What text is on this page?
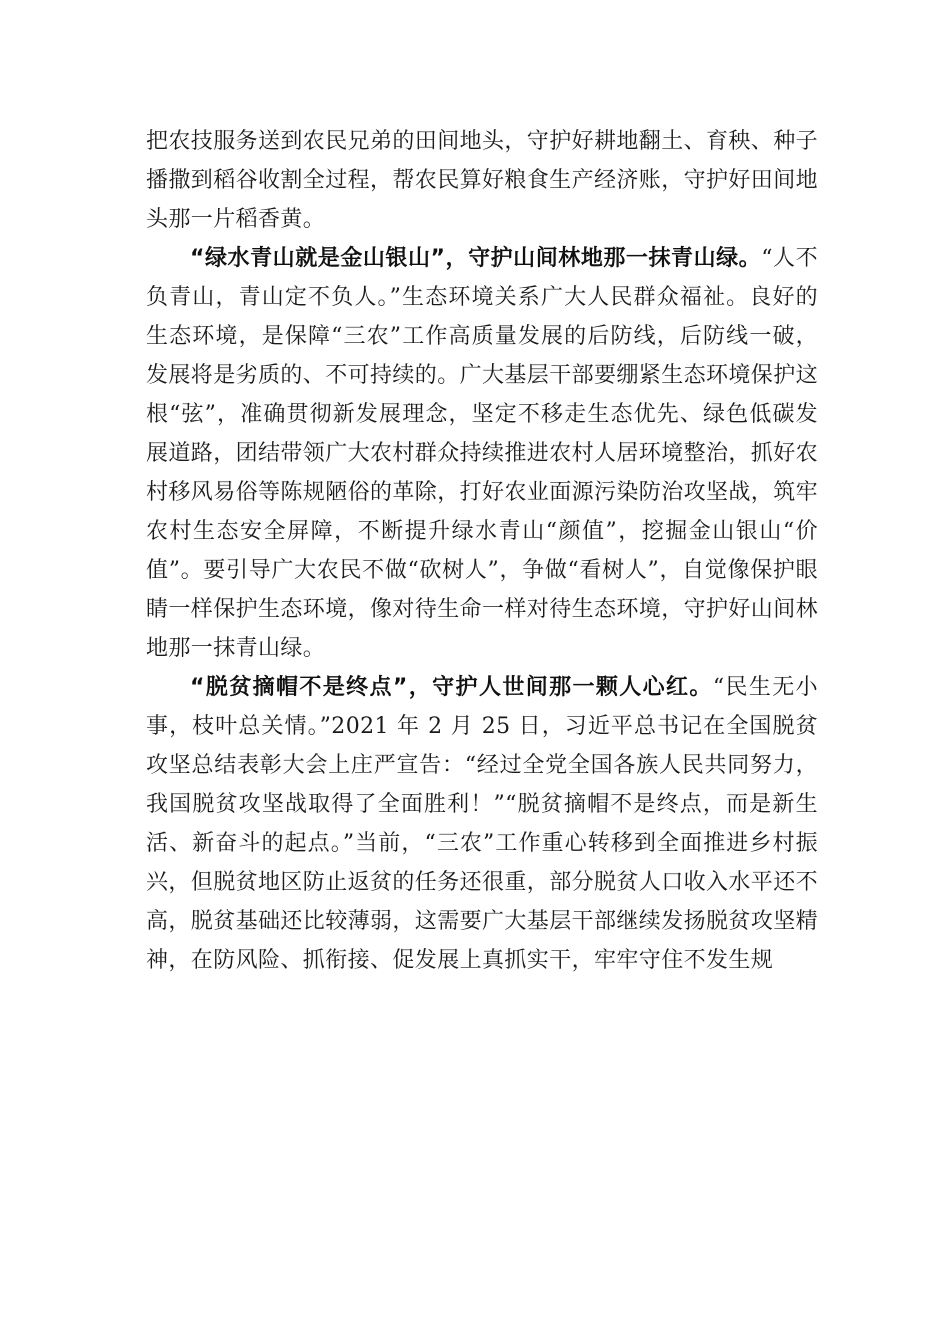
把农技服务送到农民兄弟的田间地头，守护好耕地翻土、育秧、种子播撒到稻谷收割全过程，帮农民算好粮食生产经济账，守护好田间地头那一片稻香黄。

“绿水青山就是金山银山”，守护山间林地那一抹青山绿。“人不负青山，青山定不负人。”生态环境关系广大人民群众福祉。良好的生态环境，是保障“三农”工作高质量发展的后防线，后防线一破，发展将是劣质的、不可持续的。广大基层干部要绷紧生态环境保护这根“弦”，准确贯彻新发展理念，坚定不移走生态优先、绿色低碳发展道路，团结带领广大农村群众持续推进农村人居环境整治，抓好农村移风易俗等陈规陋俗的革除，打好农业面源污染防治攻坚战，筑牢农村生态安全屏障，不断提升绿水青山“颜值”，挖掘金山银山“价值”。要引导广大农民不做“砍树人”，争做“看树人”，自觉像保护眼睛一样保护生态环境，像对待生命一样对待生态环境，守护好山间林地那一抹青山绿。

“脱贫摘帽不是终点”，守护人世间那一颗人心红。“民生无小事，枝叶总关情。”2021 年 2 月 25 日，习近平总书记在全国脱贫攻坚总结表彰大会上庄严宣告：“经过全党全国各族人民共同努力，我国脱贫攻坚战取得了全面胜利！”“脱贫摘帽不是终点，而是新生活、新奋斗的起点。”当前，“三农”工作重心转移到全面推进乡村振兴，但脱贫地区防止返贫的任务还很重，部分脱贫人口收入水平还不高，脱贫基础还比较薄弱，这需要广大基层干部继续发扬脱贫攻坚精神，在防风险、抓衔接、促发展上真抓实干，牢牢守住不发生规
